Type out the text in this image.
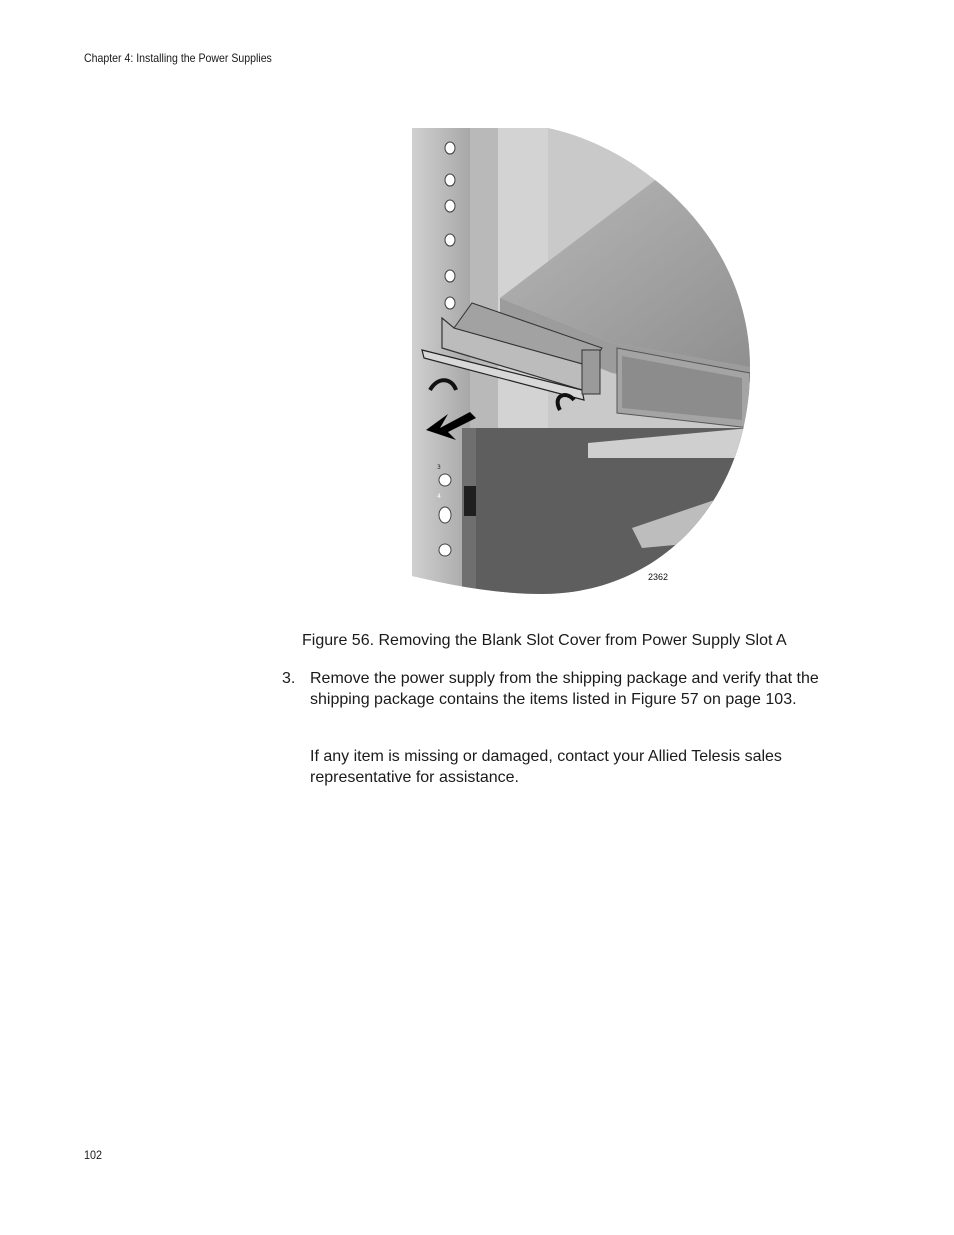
Chapter 4: Installing the Power Supplies
3
4
2362
Figure 56. Removing the Blank Slot Cover from Power Supply Slot A
3. Remove the power supply from the shipping package and verify that the shipping package contains the items listed in Figure 57 on page 103.
If any item is missing or damaged, contact your Allied Telesis sales representative for assistance.
102
